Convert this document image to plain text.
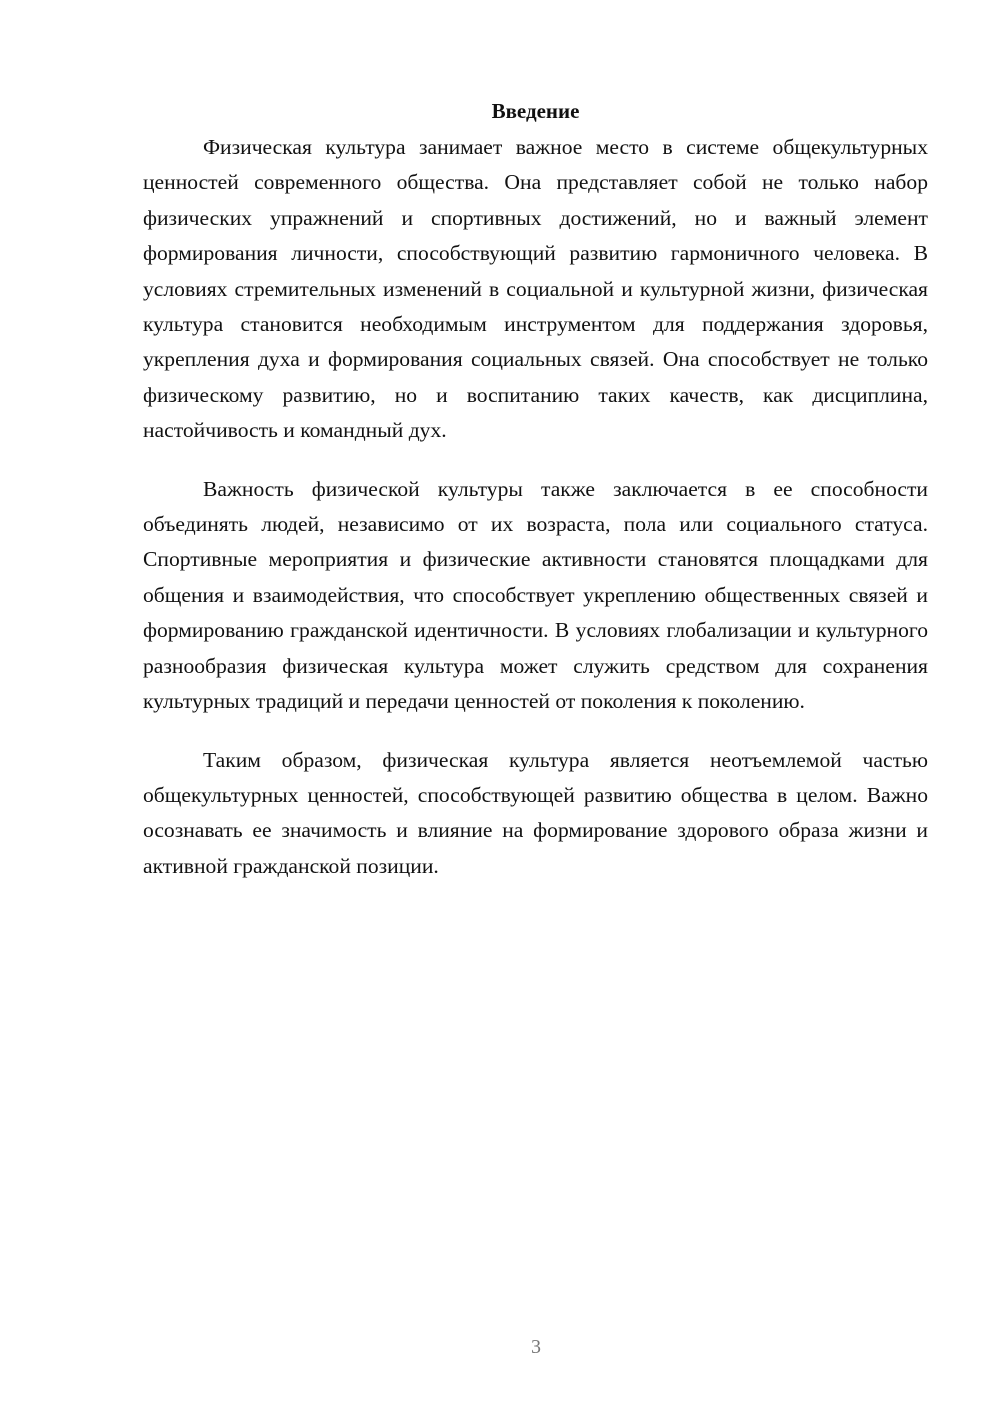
Введение

Физическая культура занимает важное место в системе общекультурных ценностей современного общества. Она представляет собой не только набор физических упражнений и спортивных достижений, но и важный элемент формирования личности, способствующий развитию гармоничного человека. В условиях стремительных изменений в социальной и культурной жизни, физическая культура становится необходимым инструментом для поддержания здоровья, укрепления духа и формирования социальных связей. Она способствует не только физическому развитию, но и воспитанию таких качеств, как дисциплина, настойчивость и командный дух.

Важность физической культуры также заключается в ее способности объединять людей, независимо от их возраста, пола или социального статуса. Спортивные мероприятия и физические активности становятся площадками для общения и взаимодействия, что способствует укреплению общественных связей и формированию гражданской идентичности. В условиях глобализации и культурного разнообразия физическая культура может служить средством для сохранения культурных традиций и передачи ценностей от поколения к поколению.

Таким образом, физическая культура является неотъемлемой частью общекультурных ценностей, способствующей развитию общества в целом. Важно осознавать ее значимость и влияние на формирование здорового образа жизни и активной гражданской позиции.

3
